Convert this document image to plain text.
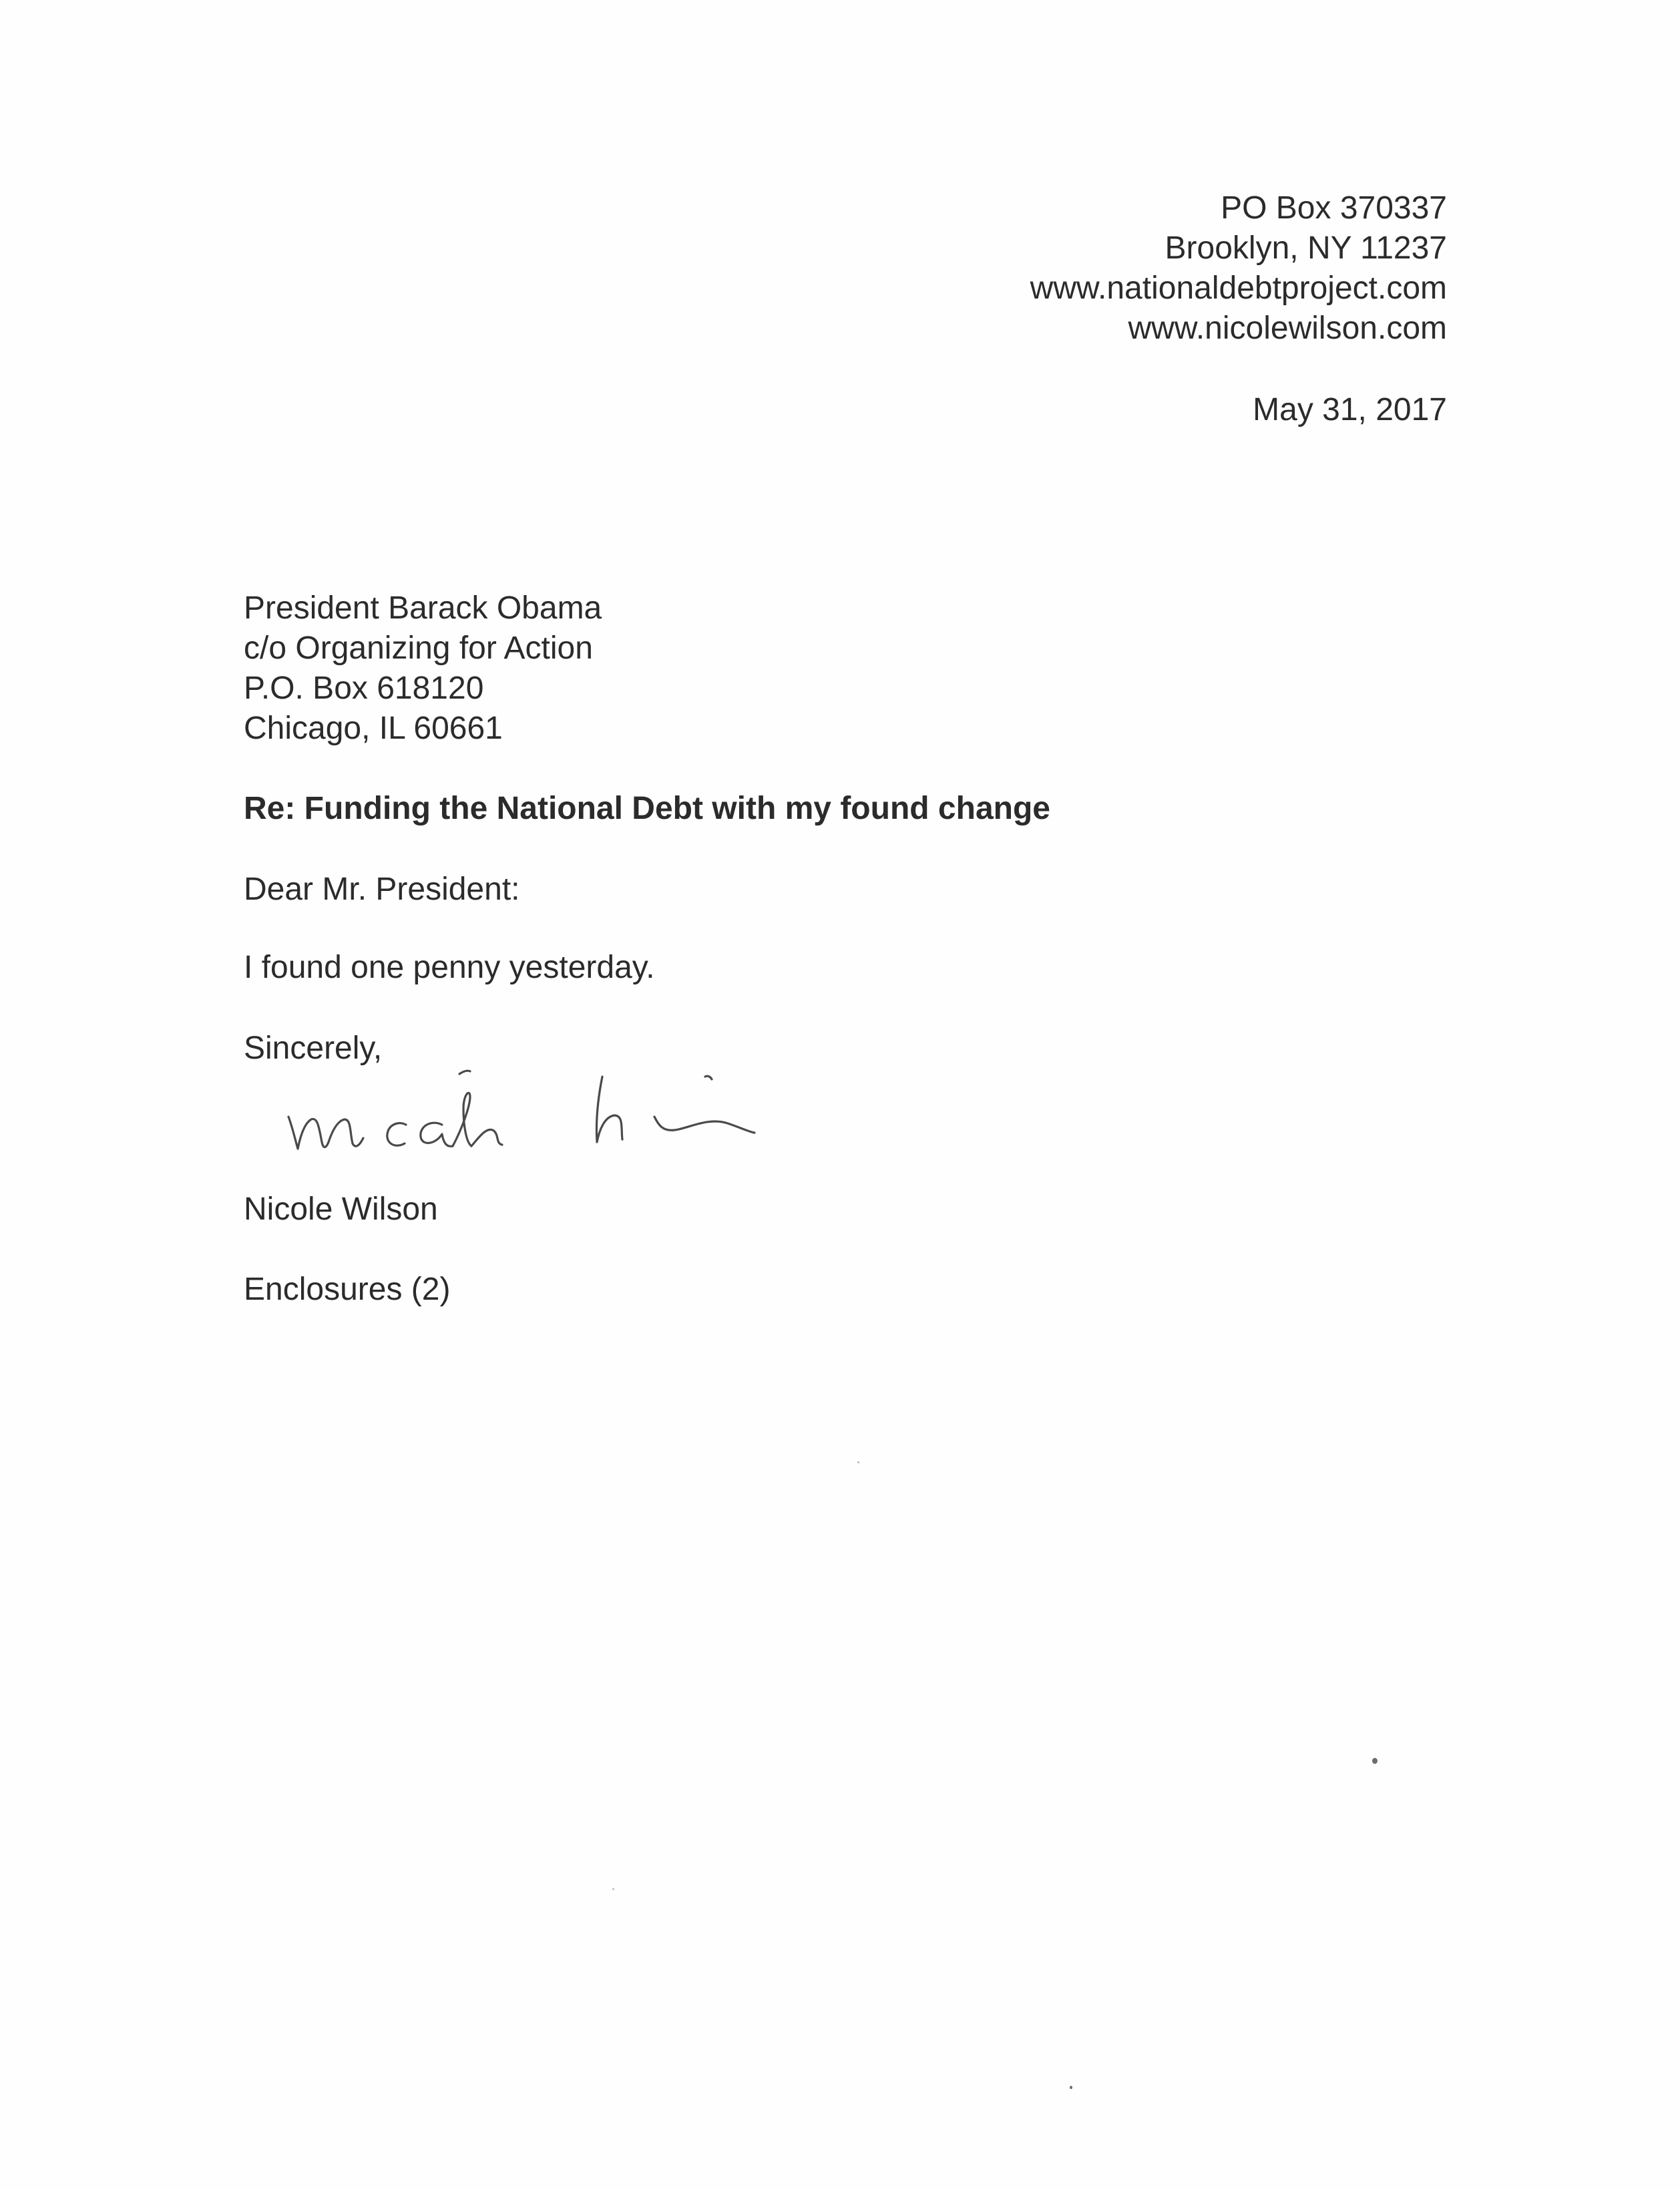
PO Box 370337
Brooklyn, NY 11237
www.nationaldebtproject.com
www.nicolewilson.com
May 31, 2017
President Barack Obama
c/o Organizing for Action
P.O. Box 618120
Chicago, IL 60661
Re: Funding the National Debt with my found change
Dear Mr. President:
I found one penny yesterday.
Sincerely,
Nicole Wilson
Enclosures (2)
